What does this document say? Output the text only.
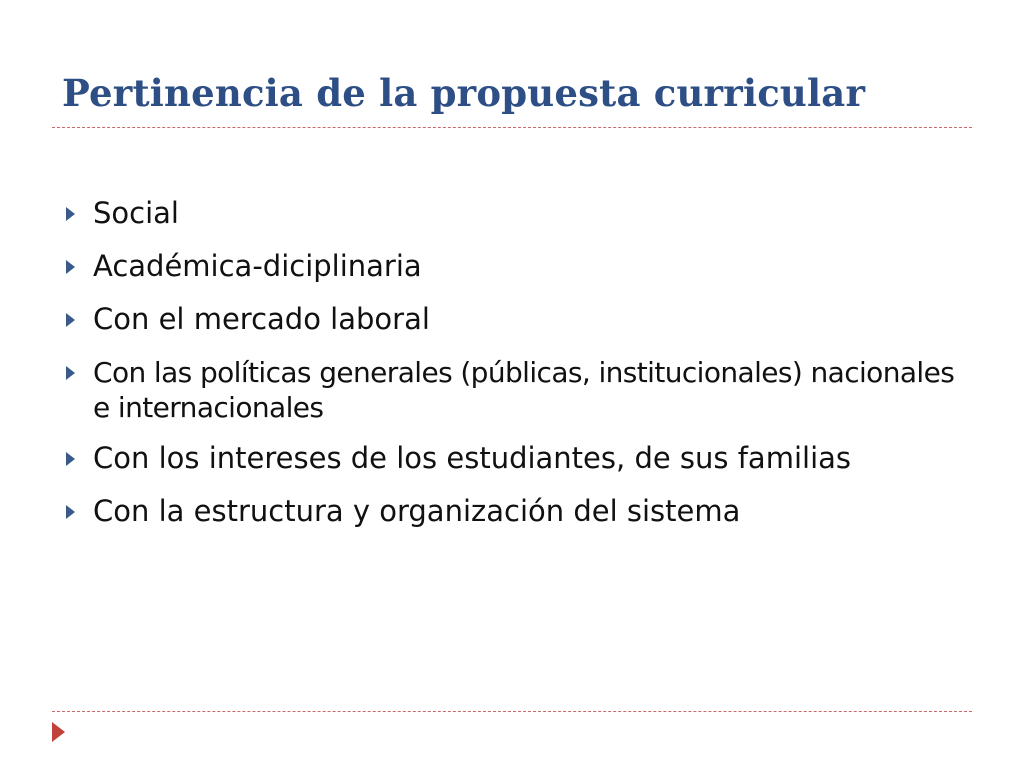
Pertinencia de la propuesta curricular
Social
Académica-diciplinaria
Con el mercado laboral
Con las políticas generales (públicas, institucionales) nacionales e internacionales
Con los intereses de los estudiantes, de sus familias
Con la estructura y organización del sistema
